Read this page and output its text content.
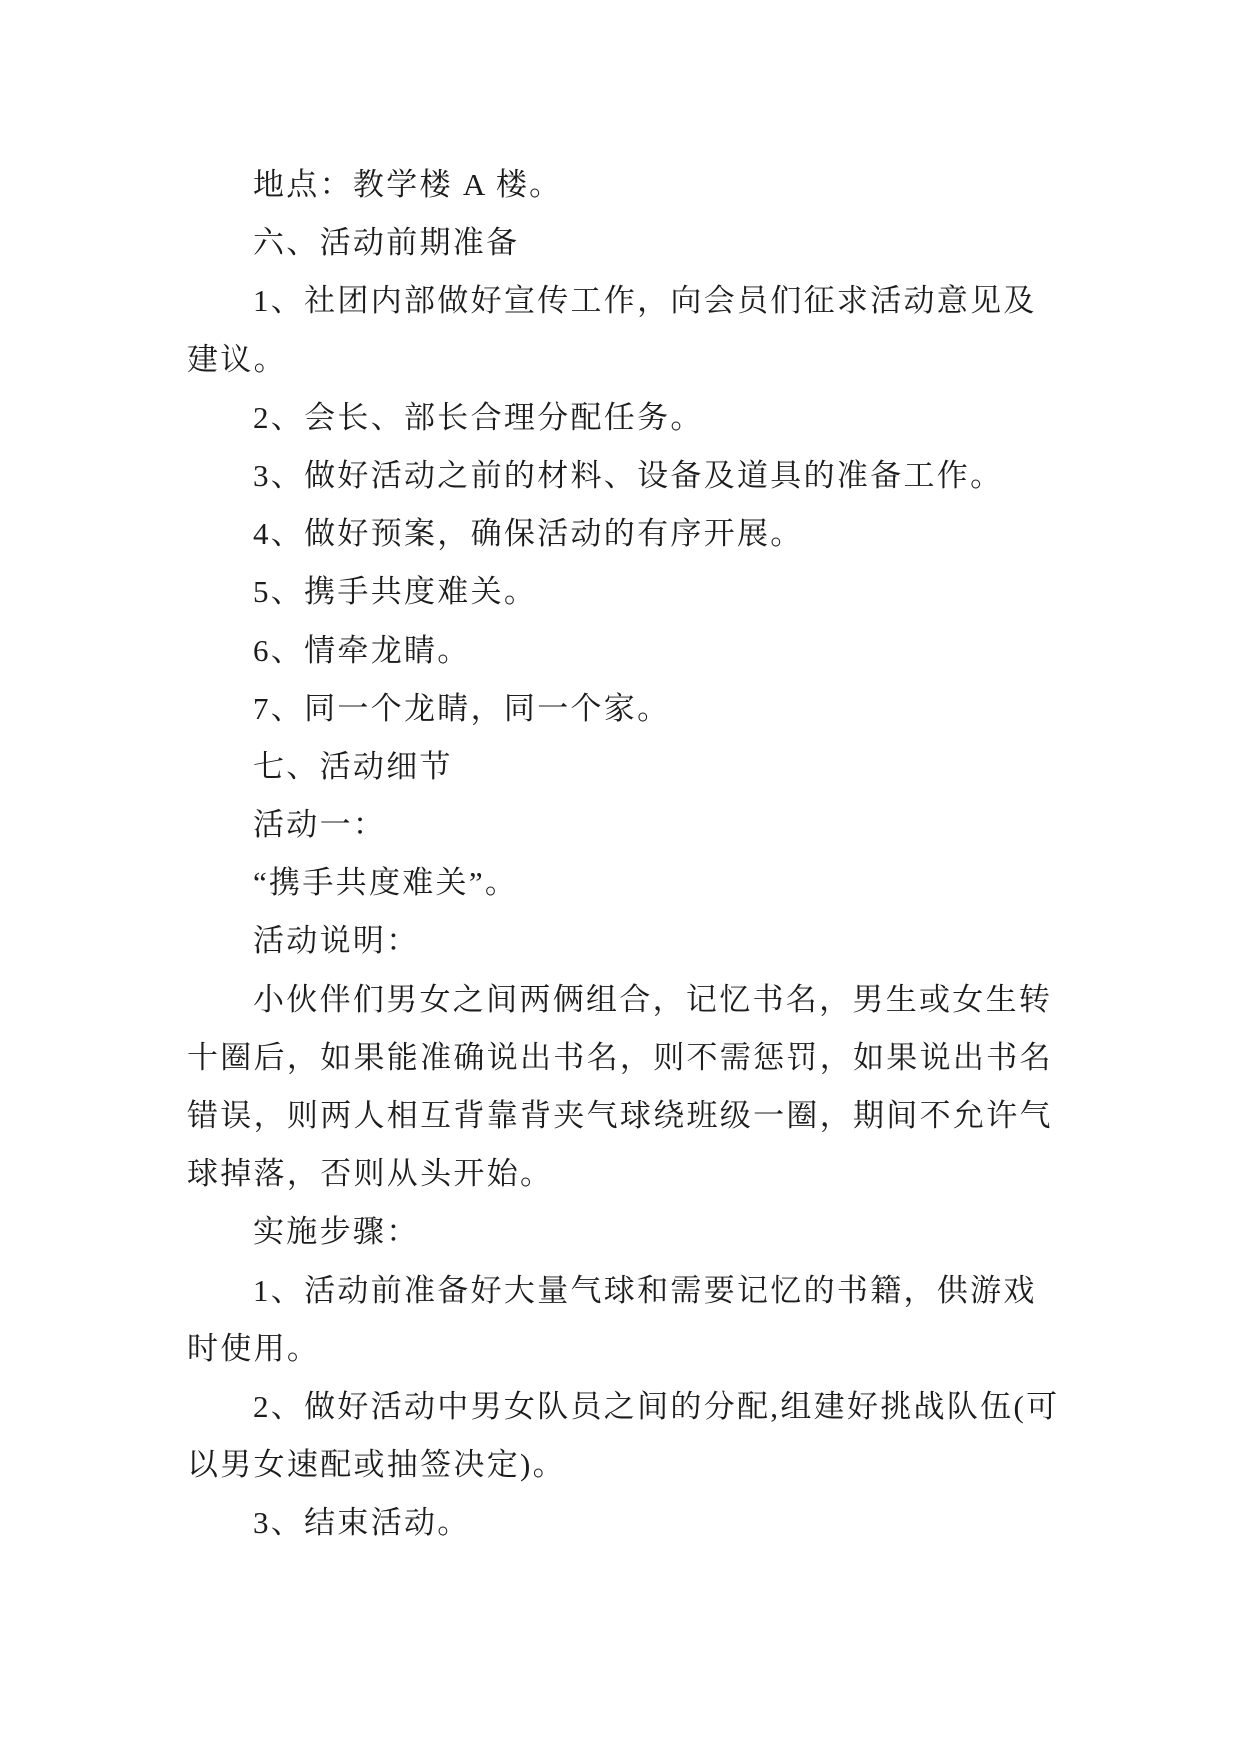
地点：教学楼 A 楼。
六、活动前期准备
1、社团内部做好宣传工作，向会员们征求活动意见及
建议。
2、会长、部长合理分配任务。
3、做好活动之前的材料、设备及道具的准备工作。
4、做好预案，确保活动的有序开展。
5、携手共度难关。
6、情牵龙睛。
7、同一个龙睛，同一个家。
七、活动细节
活动一：
“携手共度难关”。
活动说明：
小伙伴们男女之间两俩组合，记忆书名，男生或女生转
十圈后，如果能准确说出书名，则不需惩罚，如果说出书名
错误，则两人相互背靠背夹气球绕班级一圈，期间不允许气
球掉落，否则从头开始。
实施步骤：
1、活动前准备好大量气球和需要记忆的书籍，供游戏
时使用。
2、做好活动中男女队员之间的分配,组建好挑战队伍(可
以男女速配或抽签决定)。
3、结束活动。
